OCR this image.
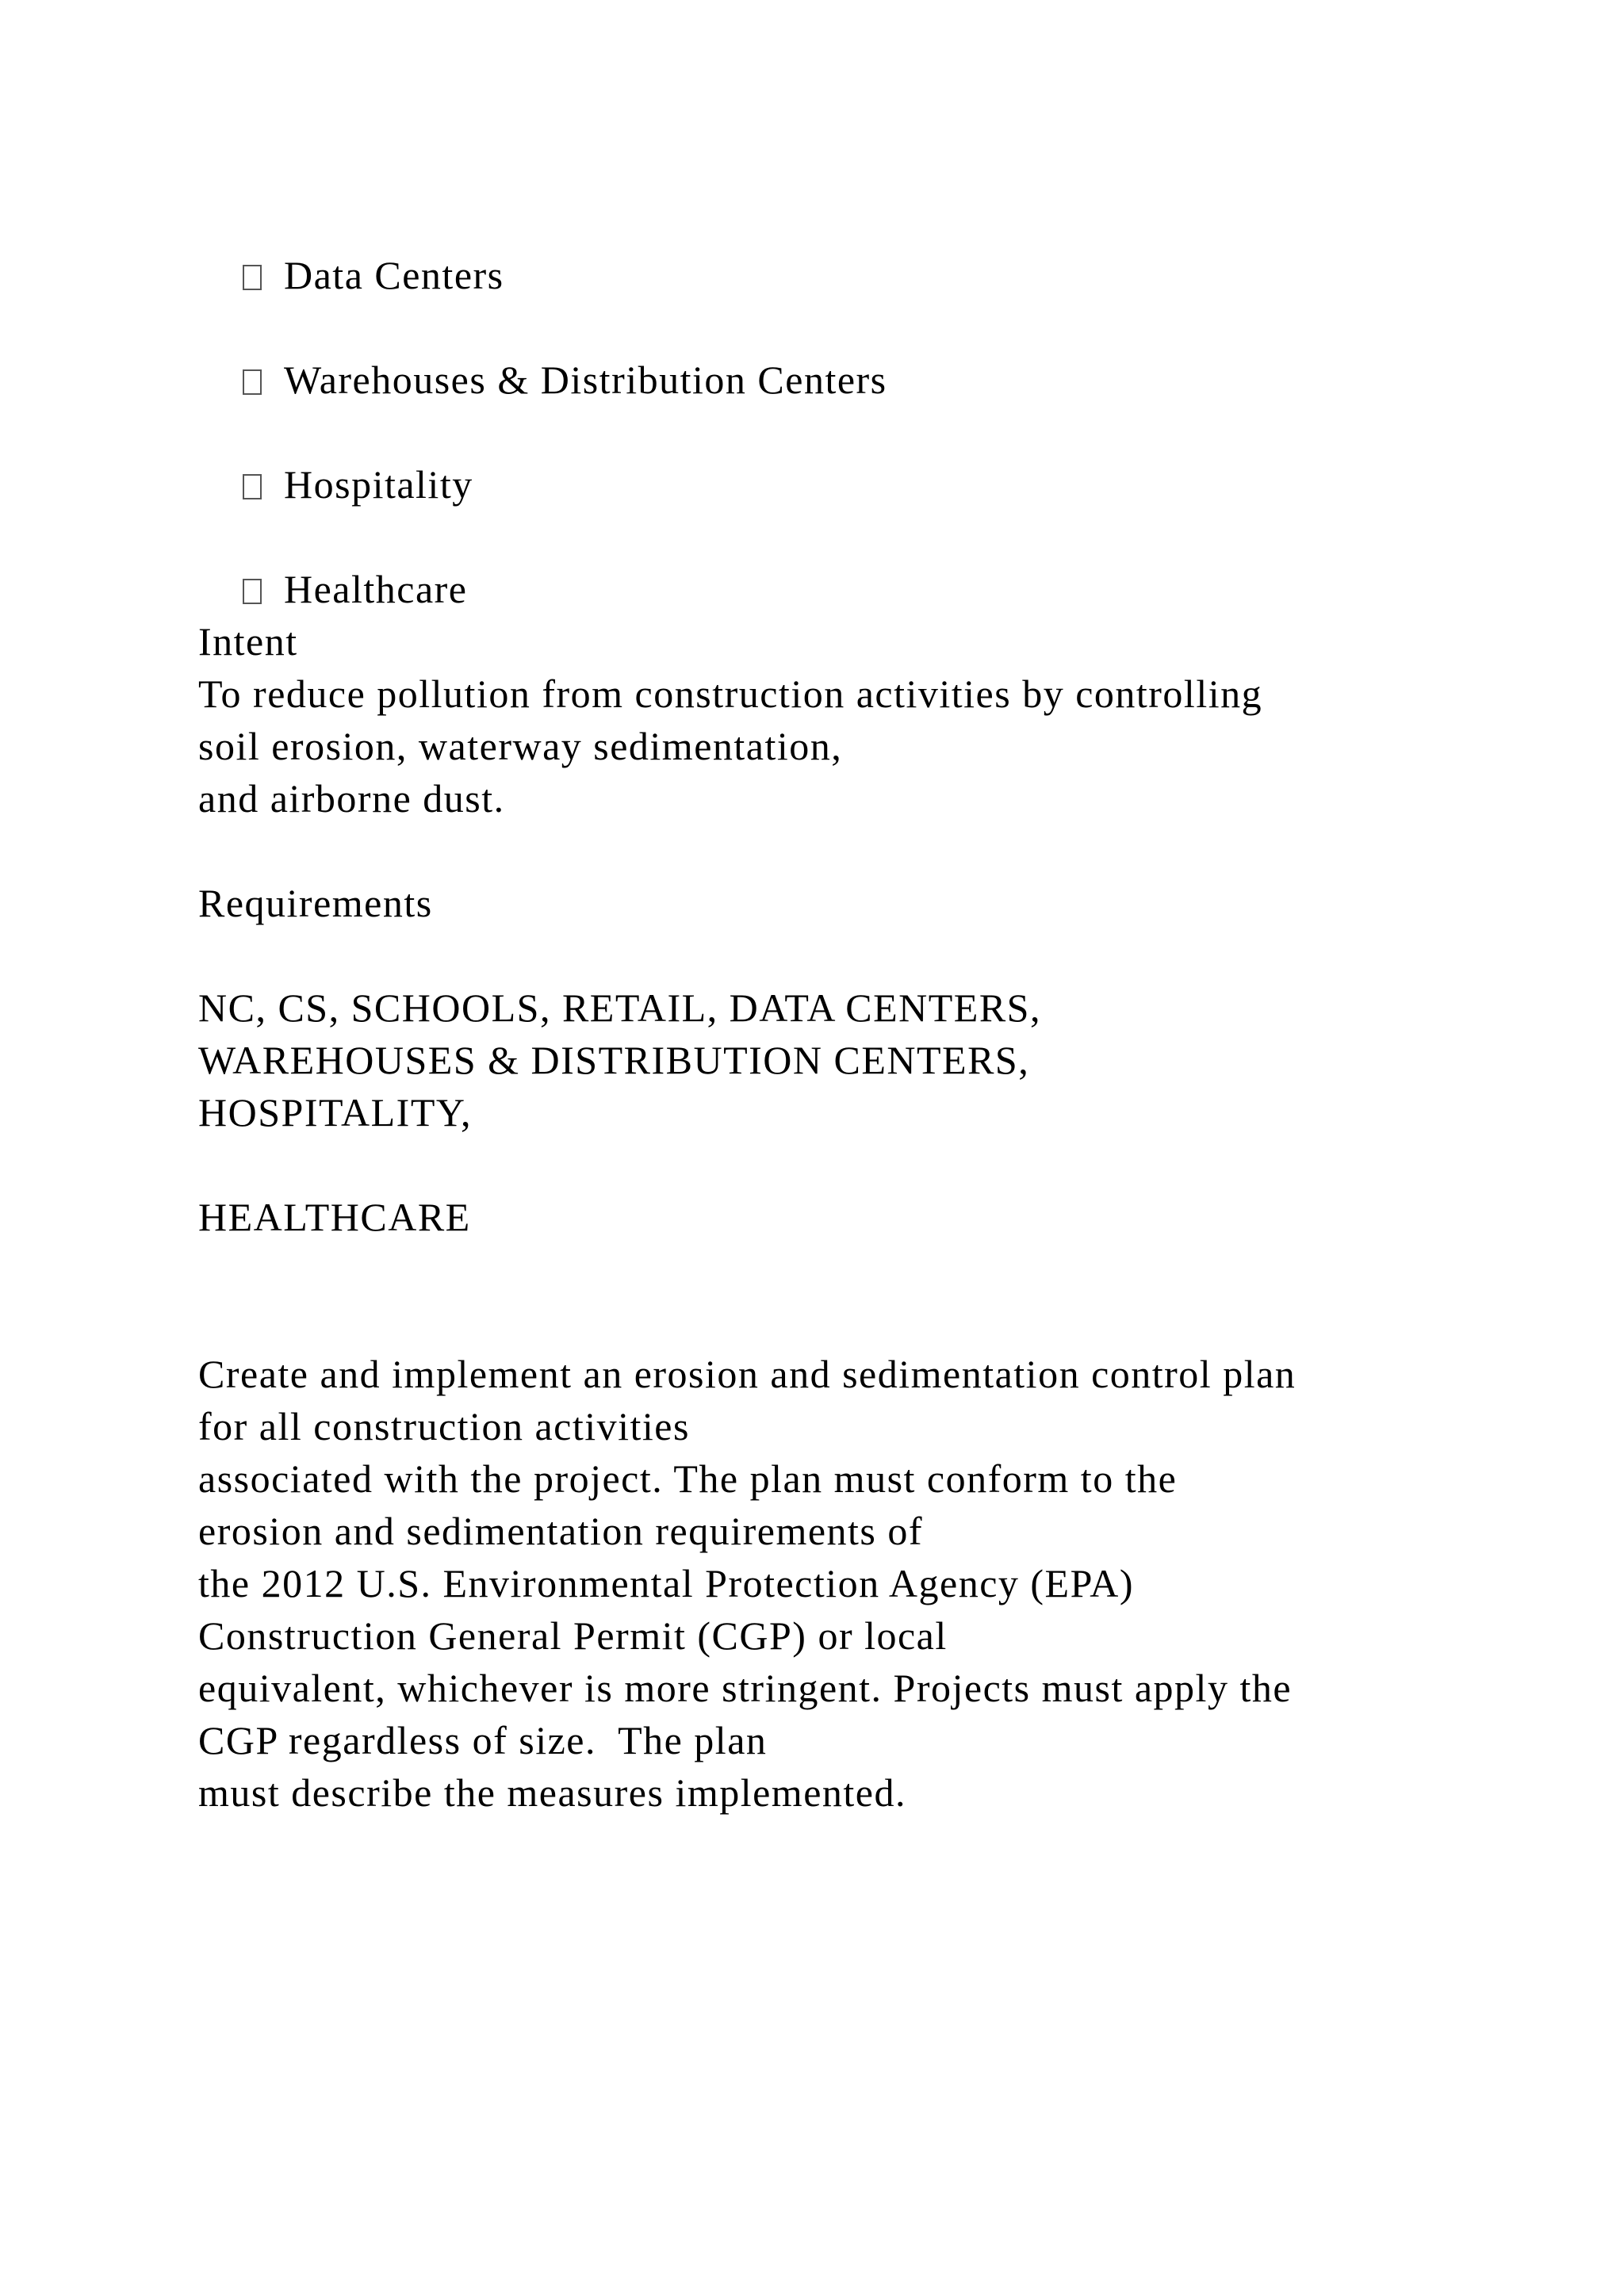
Data Centers

Warehouses & Distribution Centers

Hospitality

Healthcare

Intent
To reduce pollution from construction activities by controlling
soil erosion, waterway sedimentation,
and airborne dust.
Requirements
NC, CS, SCHOOLS, RETAIL, DATA CENTERS,
WAREHOUSES & DISTRIBUTION CENTERS,
HOSPITALITY,
HEALTHCARE
Create and implement an erosion and sedimentation control plan
for all construction activities
associated with the project. The plan must conform to the
erosion and sedimentation requirements of
the 2012 U.S. Environmental Protection Agency (EPA)
Construction General Permit (CGP) or local
equivalent, whichever is more stringent. Projects must apply the
CGP regardless of size.  The plan
must describe the measures implemented.
